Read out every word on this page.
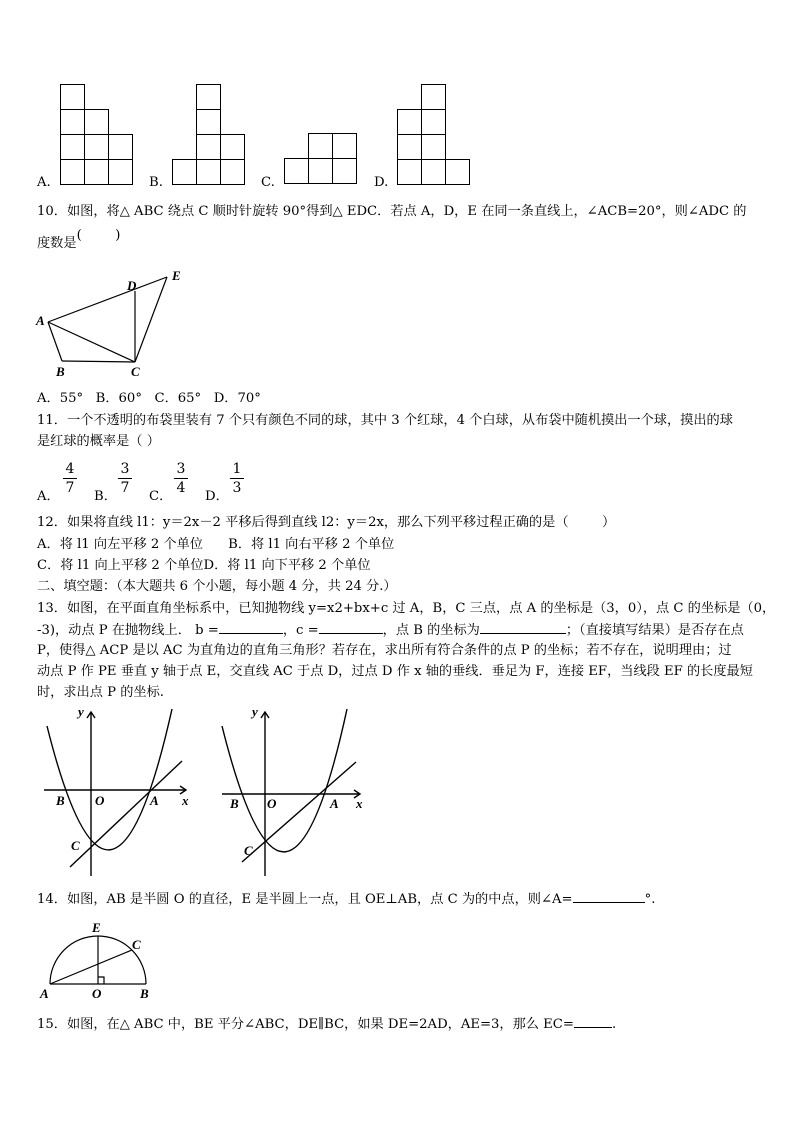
A.	B.	C.	D.
10．如图，将△ ABC 绕点 C 顺时针旋转 90°得到△ EDC．若点 A，D，E 在同一条直线上，∠ACB=20°，则∠ADC 的
度数是(        )
A
B	C
D
E
A．55°   B．60°   C．65°   D．70°
11．一个不透明的布袋里装有 7 个只有颜色不同的球，其中 3 个红球，4 个白球，从布袋中随机摸出一个球，摸出的球
是红球的概率是（ ）
A．
4
7
B．
3
7
C．
3
4
D．
1
3
12．如果将直线 l1：y＝2x－2 平移后得到直线 l2：y＝2x，那么下列平移过程正确的是（        ）
A．将 l1 向左平移 2 个单位      B．将 l1 向右平移 2 个单位
C．将 l1 向上平移 2 个单位D．将 l1 向下平移 2 个单位
二、填空题：（本大题共 6 个小题，每小题 4 分，共 24 分.）
13．如图，在平面直角坐标系中，已知抛物线 y=x2+bx+c 过 A，B，C 三点，点 A 的坐标是（3，0），点 C 的坐标是（0，
-3)，动点 P 在抛物线上． b =	，c =	，点 B 的坐标为	；（直接填写结果）是否存在点
P，使得△ ACP 是以 AC 为直角边的直角三角形？若存在，求出所有符合条件的点 P 的坐标；若不存在，说明理由；过
动点 P 作 PE 垂直 y 轴于点 E，交直线 AC 于点 D，过点 D 作 x 轴的垂线．垂足为 F，连接 EF，当线段 EF 的长度最短
时，求出点 P 的坐标.
y
x
O	A
B
C
y
x
O	A
B
C
14．如图，AB 是半圆 O 的直径，E 是半圆上一点，且 OE⊥AB，点 C 为的中点，则∠A=	°.
E
C
A	O	B
15．如图，在△ ABC 中，BE 平分∠ABC，DE∥BC，如果 DE=2AD，AE=3，那么 EC=	.
